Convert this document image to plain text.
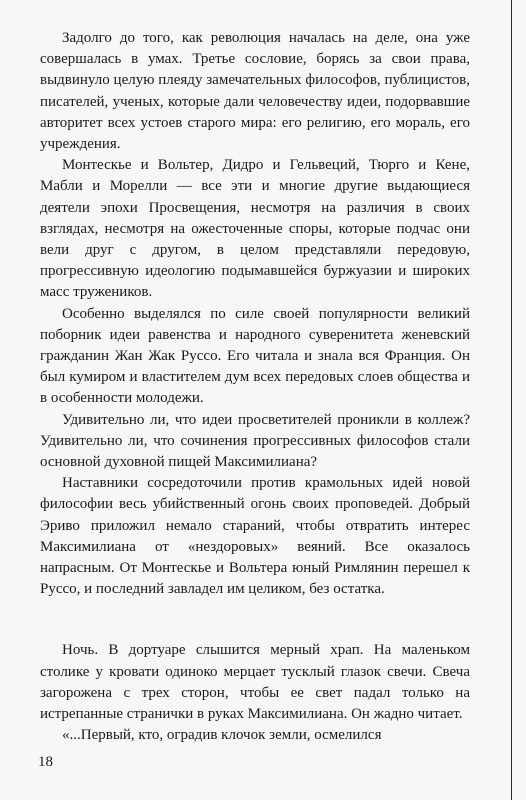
Задолго до того, как революция началась на деле, она уже совершалась в умах. Третье сословие, борясь за свои права, выдвинуло целую плеяду замечательных философов, публицистов, писателей, ученых, которые дали человечеству идеи, подорвавшие авторитет всех устоев старого мира: его религию, его мораль, его учреждения.

Монтескье и Вольтер, Дидро и Гельвеций, Тюрго и Кене, Мабли и Морелли — все эти и многие другие выдающиеся деятели эпохи Просвещения, несмотря на различия в своих взглядах, несмотря на ожесточенные споры, которые подчас они вели друг с другом, в целом представляли передовую, прогрессивную идеологию подымавшейся буржуазии и широких масс тружеников.

Особенно выделялся по силе своей популярности великий поборник идеи равенства и народного суверенитета женевский гражданин Жан Жак Руссо. Его читала и знала вся Франция. Он был кумиром и властителем дум всех передовых слоев общества и в особенности молодежи.

Удивительно ли, что идеи просветителей проникли в коллеж? Удивительно ли, что сочинения прогрессивных философов стали основной духовной пищей Максимилиана?

Наставники сосредоточили против крамольных идей новой философии весь убийственный огонь своих проповедей. Добрый Эриво приложил немало стараний, чтобы отвратить интерес Максимилиана от «нездоровых» веяний. Все оказалось напрасным. От Монтескье и Вольтера юный Римлянин перешел к Руссо, и последний завладел им целиком, без остатка.

Ночь. В дортуаре слышится мерный храп. На маленьком столике у кровати одиноко мерцает тусклый глазок свечи. Свеча загорожена с трех сторон, чтобы ее свет падал только на истрепанные странички в руках Максимилиана. Он жадно читает.

«...Первый, кто, оградив клочок земли, осмелился

18
